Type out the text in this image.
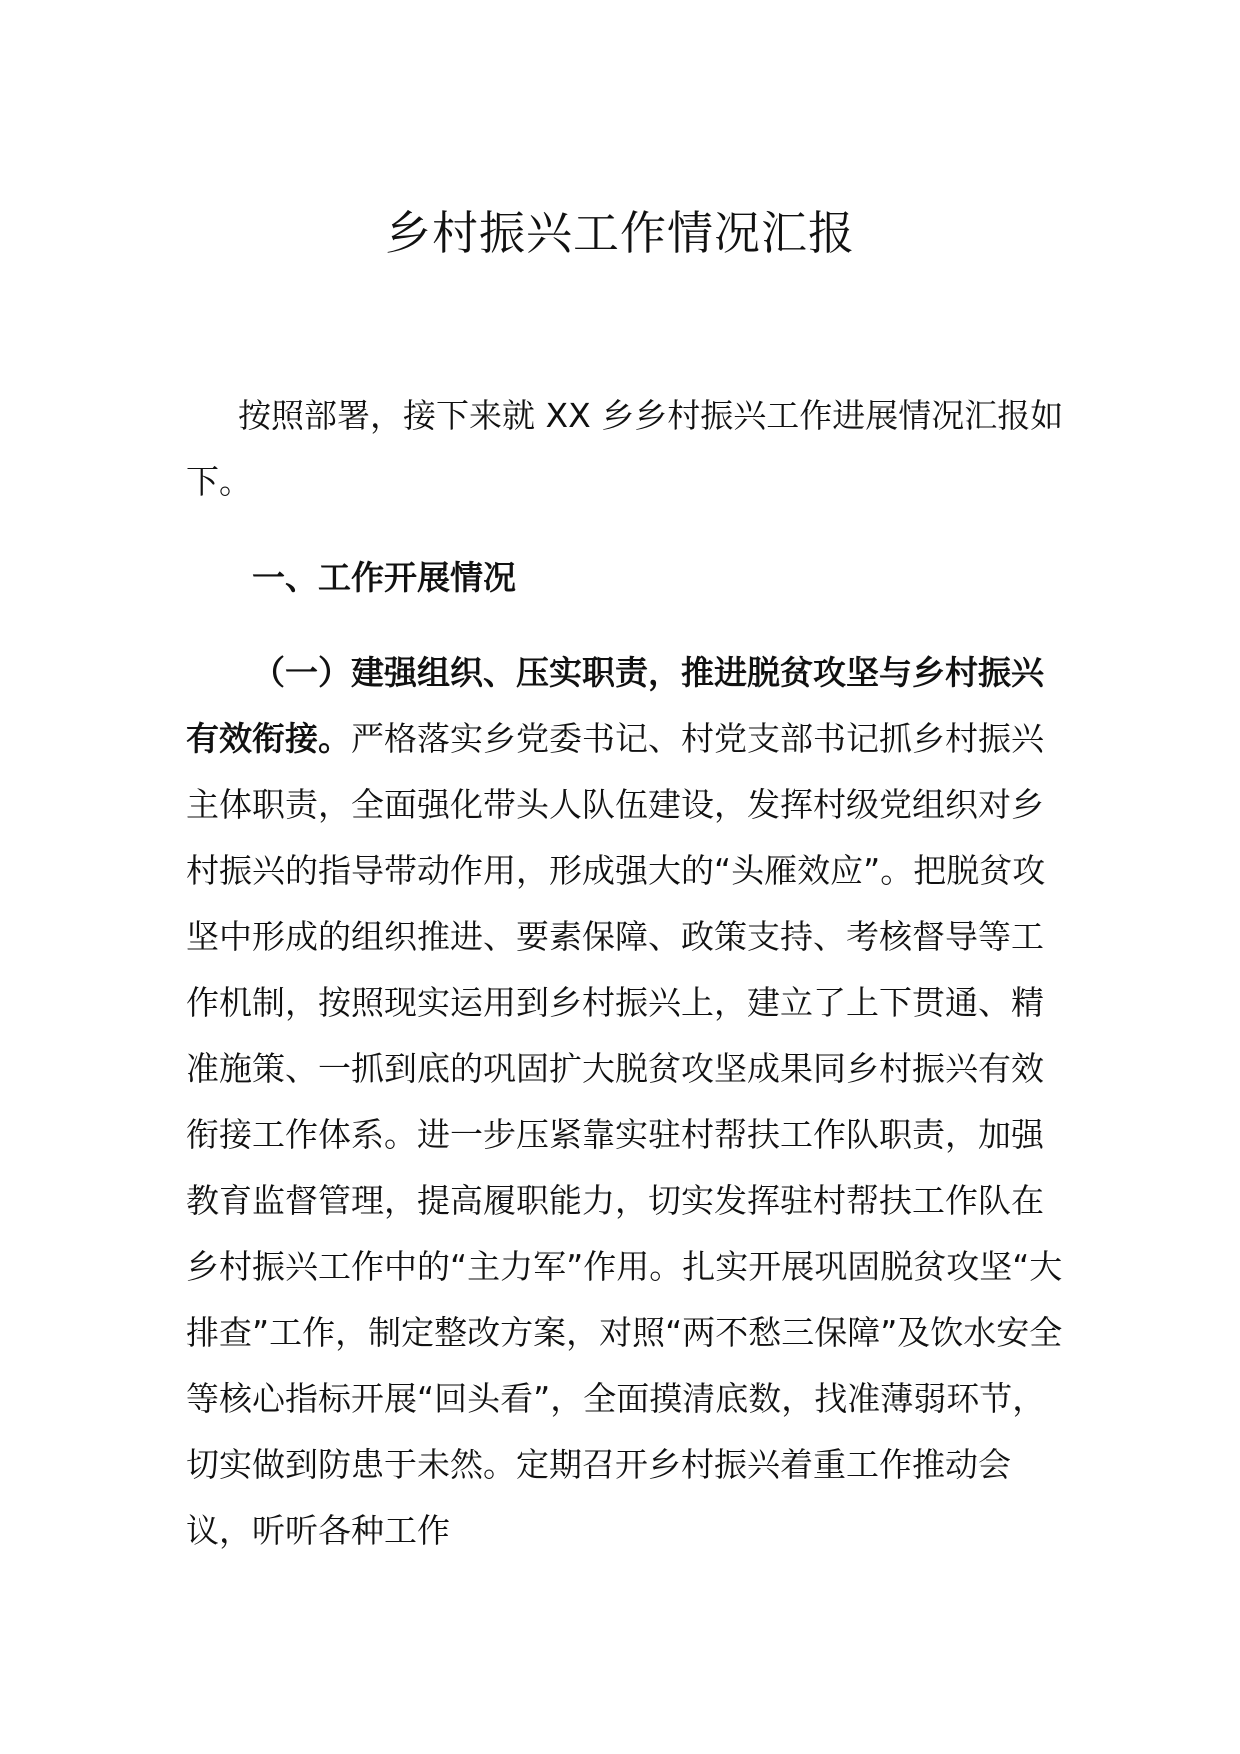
乡村振兴工作情况汇报

按照部署，接下来就 XX 乡乡村振兴工作进展情况汇报如下。

一、工作开展情况

（一）建强组织、压实职责，推进脱贫攻坚与乡村振兴有效衔接。严格落实乡党委书记、村党支部书记抓乡村振兴主体职责，全面强化带头人队伍建设，发挥村级党组织对乡村振兴的指导带动作用，形成强大的“头雁效应”。把脱贫攻坚中形成的组织推进、要素保障、政策支持、考核督导等工作机制，按照现实运用到乡村振兴上，建立了上下贯通、精准施策、一抓到底的巩固扩大脱贫攻坚成果同乡村振兴有效衔接工作体系。进一步压紧靠实驻村帮扶工作队职责，加强教育监督管理，提高履职能力，切实发挥驻村帮扶工作队在乡村振兴工作中的“主力军”作用。扎实开展巩固脱贫攻坚“大排查”工作，制定整改方案，对照“两不愁三保障”及饮水安全等核心指标开展“回头看”，全面摸清底数，找准薄弱环节，切实做到防患于未然。定期召开乡村振兴着重工作推动会议，听听各种工作
